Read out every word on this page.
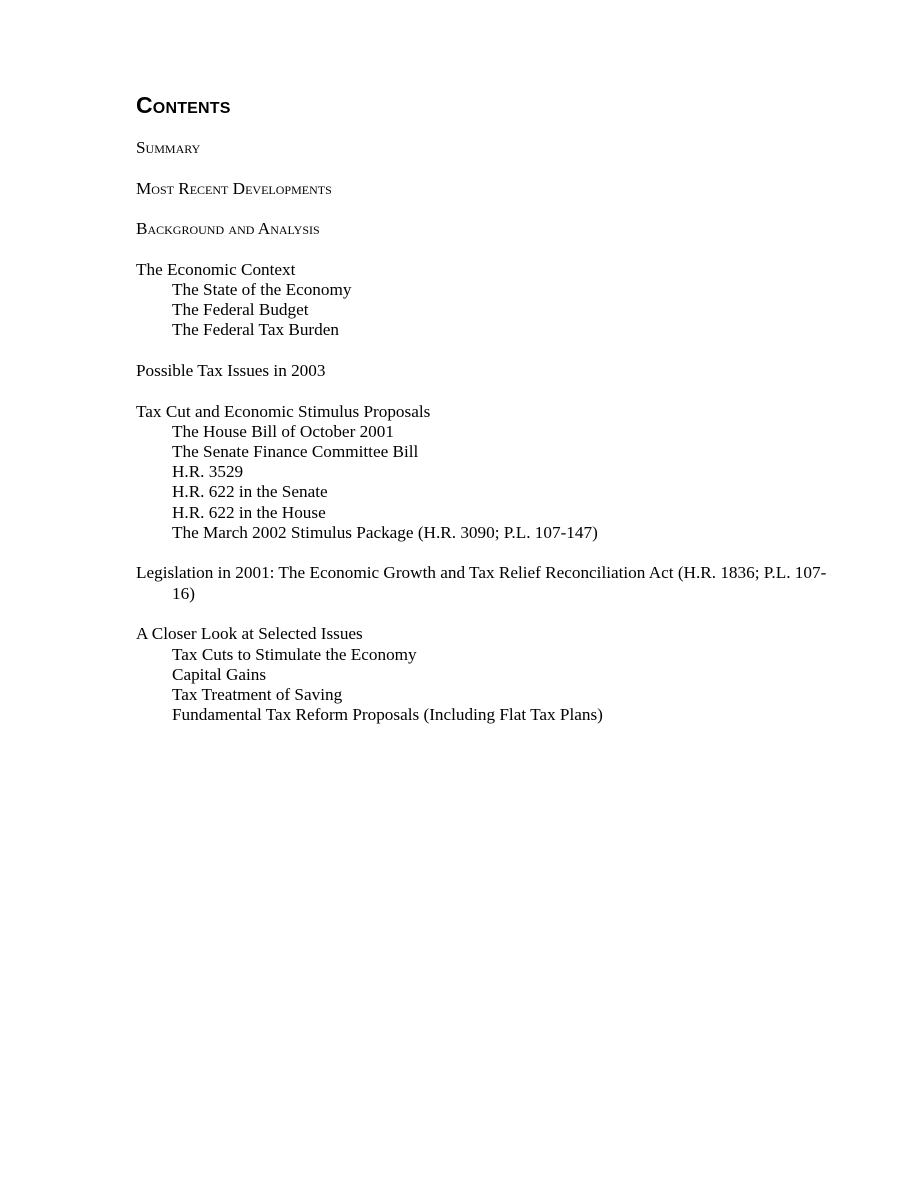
Contents
Summary
Most Recent Developments
Background and Analysis
The Economic Context
The State of the Economy
The Federal Budget
The Federal Tax Burden
Possible Tax Issues in 2003
Tax Cut and Economic Stimulus Proposals
The House Bill of October 2001
The Senate Finance Committee Bill
H.R. 3529
H.R. 622 in the Senate
H.R. 622 in the House
The March 2002 Stimulus Package (H.R. 3090; P.L. 107-147)
Legislation in 2001: The Economic Growth and Tax Relief Reconciliation Act (H.R. 1836; P.L. 107-16)
A Closer Look at Selected Issues
Tax Cuts to Stimulate the Economy
Capital Gains
Tax Treatment of Saving
Fundamental Tax Reform Proposals (Including Flat Tax Plans)
